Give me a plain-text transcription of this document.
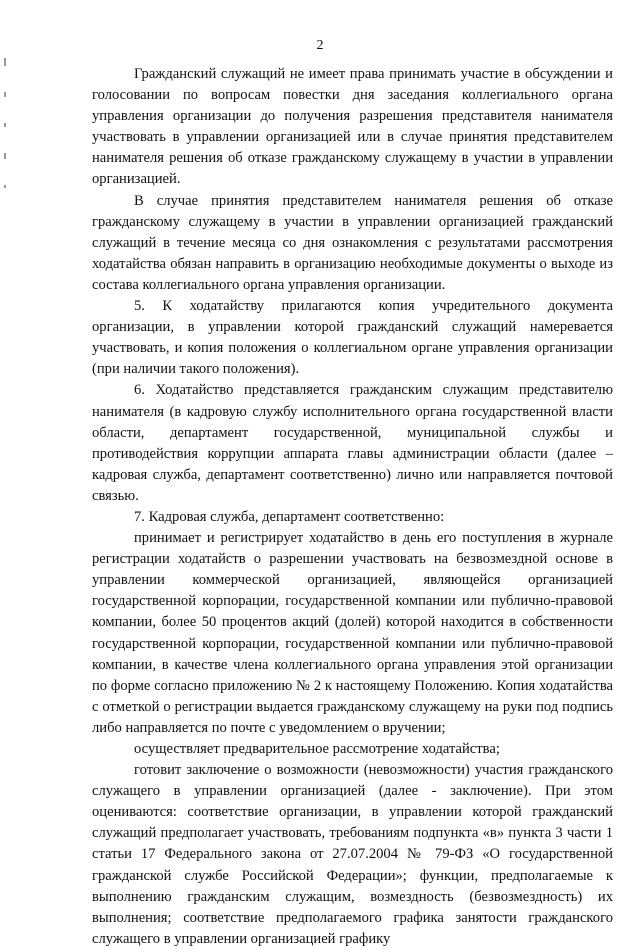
2

Гражданский служащий не имеет права принимать участие в обсуждении и голосовании по вопросам повестки дня заседания коллегиального органа управления организации до получения разрешения представителя нанимателя участвовать в управлении организацией или в случае принятия представителем нанимателя решения об отказе гражданскому служащему в участии в управлении организацией.

В случае принятия представителем нанимателя решения об отказе гражданскому служащему в участии в управлении организацией гражданский служащий в течение месяца со дня ознакомления с результатами рассмотрения ходатайства обязан направить в организацию необходимые документы о выходе из состава коллегиального органа управления организации.

5. К ходатайству прилагаются копия учредительного документа организации, в управлении которой гражданский служащий намеревается участвовать, и копия положения о коллегиальном органе управления организации (при наличии такого положения).

6. Ходатайство представляется гражданским служащим представителю нанимателя (в кадровую службу исполнительного органа государственной власти области, департамент государственной, муниципальной службы и противодействия коррупции аппарата главы администрации области (далее – кадровая служба, департамент соответственно) лично или направляется почтовой связью.

7. Кадровая служба, департамент соответственно:

принимает и регистрирует ходатайство в день его поступления в журнале регистрации ходатайств о разрешении участвовать на безвозмездной основе в управлении коммерческой организацией, являющейся организацией государственной корпорации, государственной компании или публично-правовой компании, более 50 процентов акций (долей) которой находится в собственности государственной корпорации, государственной компании или публично-правовой компании, в качестве члена коллегиального органа управления этой организации по форме согласно приложению № 2 к настоящему Положению. Копия ходатайства с отметкой о регистрации выдается гражданскому служащему на руки под подпись либо направляется по почте с уведомлением о вручении;

осуществляет предварительное рассмотрение ходатайства;

готовит заключение о возможности (невозможности) участия гражданского служащего в управлении организацией (далее - заключение). При этом оцениваются: соответствие организации, в управлении которой гражданский служащий предполагает участвовать, требованиям подпункта «в» пункта 3 части 1 статьи 17 Федерального закона от 27.07.2004 № 79-ФЗ «О государственной гражданской службе Российской Федерации»; функции, предполагаемые к выполнению гражданским служащим, возмездность (безвозмездность) их выполнения; соответствие предполагаемого графика занятости гражданского служащего в управлении организацией графику
